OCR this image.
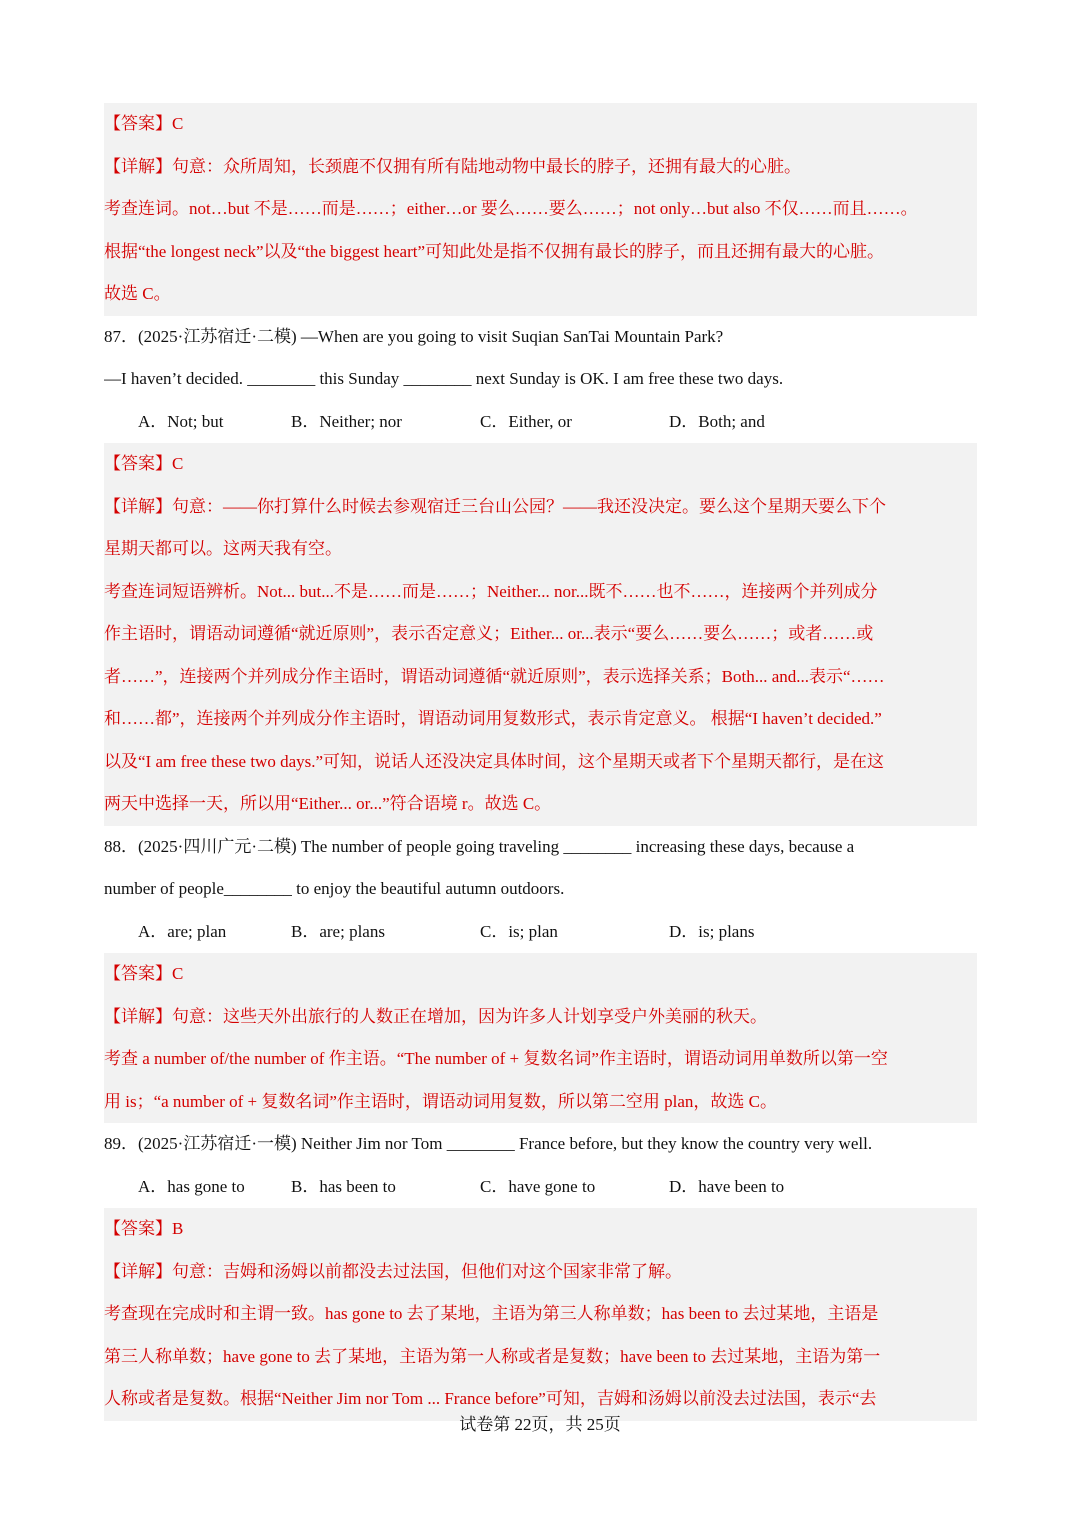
【答案】C
【详解】句意：众所周知，长颈鹿不仅拥有所有陆地动物中最长的脖子，还拥有最大的心脏。
考查连词。not…but 不是……而是……；either…or 要么……要么……；not only…but also 不仅……而且……。
根据“the longest neck”以及“the biggest heart”可知此处是指不仅拥有最长的脖子，而且还拥有最大的心脏。
故选 C。
87．(2025·江苏宿迁·二模) —When are you going to visit Suqian SanTai Mountain Park?
—I haven’t decided. ________ this Sunday ________ next Sunday is OK. I am free these two days.
A．Not; but	B．Neither; nor	C．Either, or	D．Both; and
【答案】C
【详解】句意：——你打算什么时候去参观宿迁三台山公园？——我还没决定。要么这个星期天要么下个
星期天都可以。这两天我有空。
考查连词短语辨析。Not... but...不是……而是……；Neither... nor...既不……也不……，连接两个并列成分
作主语时，谓语动词遵循“就近原则”，表示否定意义；Either... or...表示“要么……要么……；或者……或
者……”，连接两个并列成分作主语时，谓语动词遵循“就近原则”，表示选择关系；Both... and...表示“……
和……都”，连接两个并列成分作主语时，谓语动词用复数形式，表示肯定意义。 根据“I haven’t decided.”
以及“I am free these two days.”可知，说话人还没决定具体时间，这个星期天或者下个星期天都行，是在这
两天中选择一天，所以用“Either... or...”符合语境 r。故选 C。
88．(2025·四川广元·二模) The number of people going traveling ________ increasing these days, because a
number of people________ to enjoy the beautiful autumn outdoors.
A．are; plan	B．are; plans	C．is; plan	D．is; plans
【答案】C
【详解】句意：这些天外出旅行的人数正在增加，因为许多人计划享受户外美丽的秋天。
考查 a number of/the number of 作主语。“The number of + 复数名词”作主语时，谓语动词用单数所以第一空
用 is；“a number of + 复数名词”作主语时，谓语动词用复数，所以第二空用 plan，故选 C。
89．(2025·江苏宿迁·一模) Neither Jim nor Tom ________ France before, but they know the country very well.
A．has gone to	B．has been to	C．have gone to	D．have been to
【答案】B
【详解】句意：吉姆和汤姆以前都没去过法国，但他们对这个国家非常了解。
考查现在完成时和主谓一致。has gone to 去了某地，主语为第三人称单数；has been to 去过某地，主语是
第三人称单数；have gone to 去了某地，主语为第一人称或者是复数；have been to 去过某地，主语为第一
人称或者是复数。根据“Neither Jim nor Tom ... France before”可知，吉姆和汤姆以前没去过法国，表示“去
试卷第 22页，共 25页
